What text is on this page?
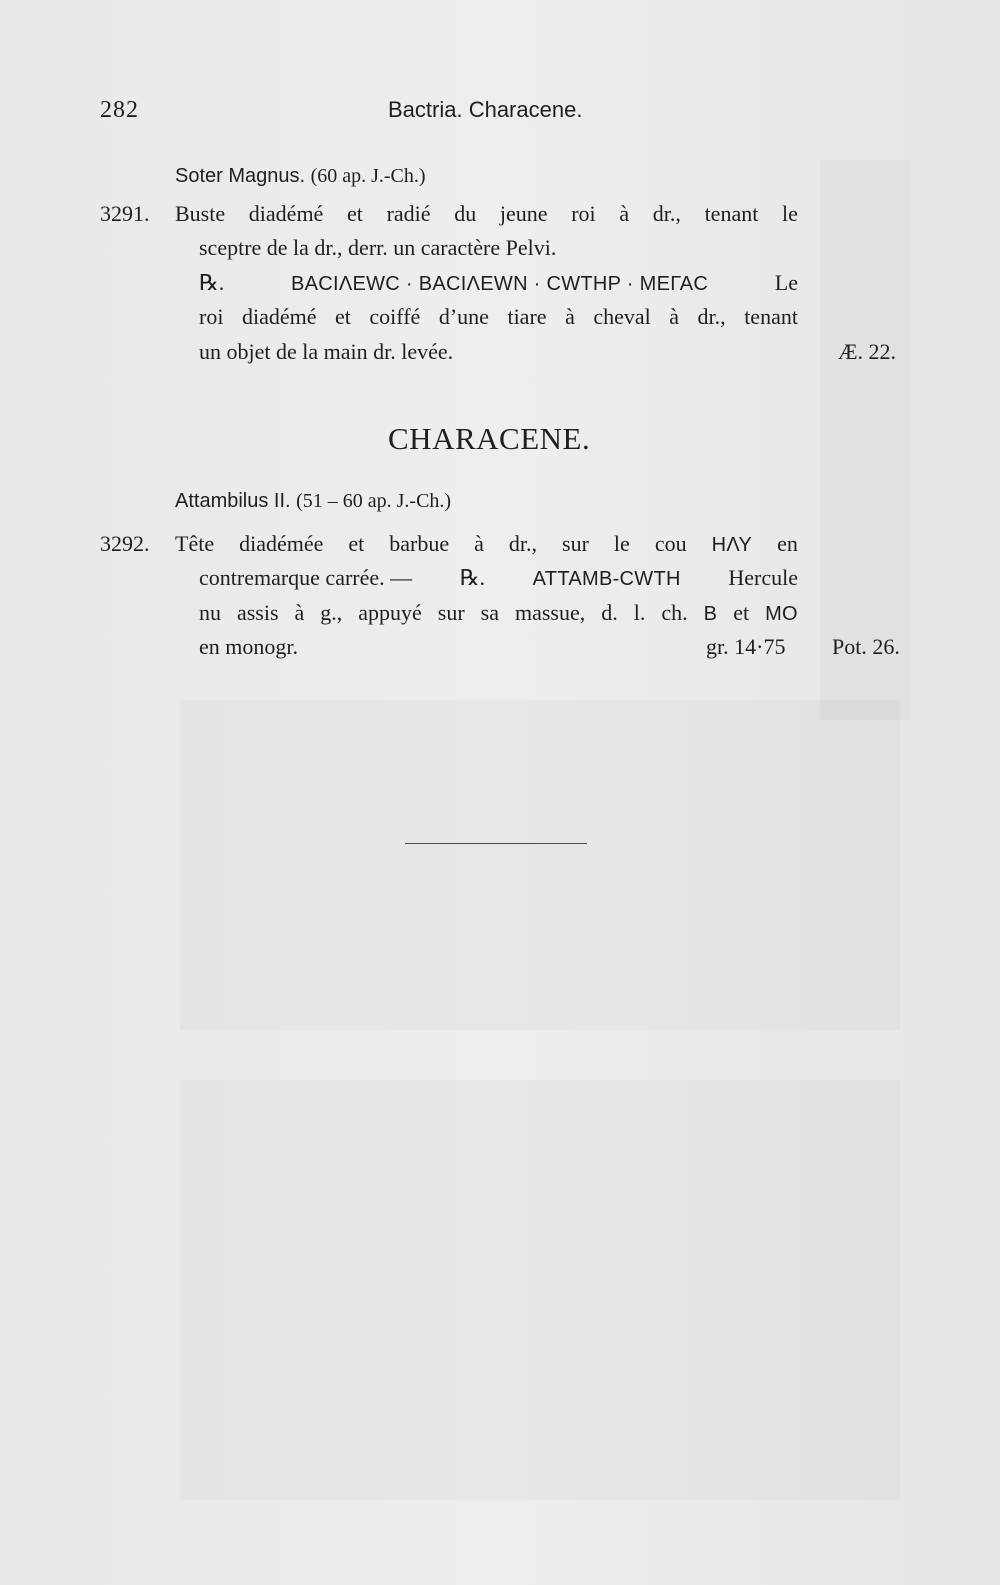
282	Bactria. Characene.
Soter Magnus. (60 ap. J.-Ch.)
3291. Buste diadémé et radié du jeune roi à dr., tenant le
sceptre de la dr., derr. un caractère Pelvi.
℞.	ΒΑCΙΛΕWC · ΒΑCΙΛΕWΝ · CWΤΗΡ · ΜΕΓΑC	Le
roi diadémé et coiffé d’une tiare à cheval à dr., tenant
un objet de la main dr. levée.	Æ. 22.
CHARACENE.
Attambilus II. (51 – 60 ap. J.-Ch.)
3292. Tête diadémée et barbue à dr., sur le cou ΗΛΥ en
contremarque carrée. — ℞. ΑΤΤΑΜΒ-CWΤΗ Hercule
nu assis à g., appuyé sur sa massue, d. l. ch. Β et ΜΟ
en monogr.	gr. 14·75 Pot. 26.
